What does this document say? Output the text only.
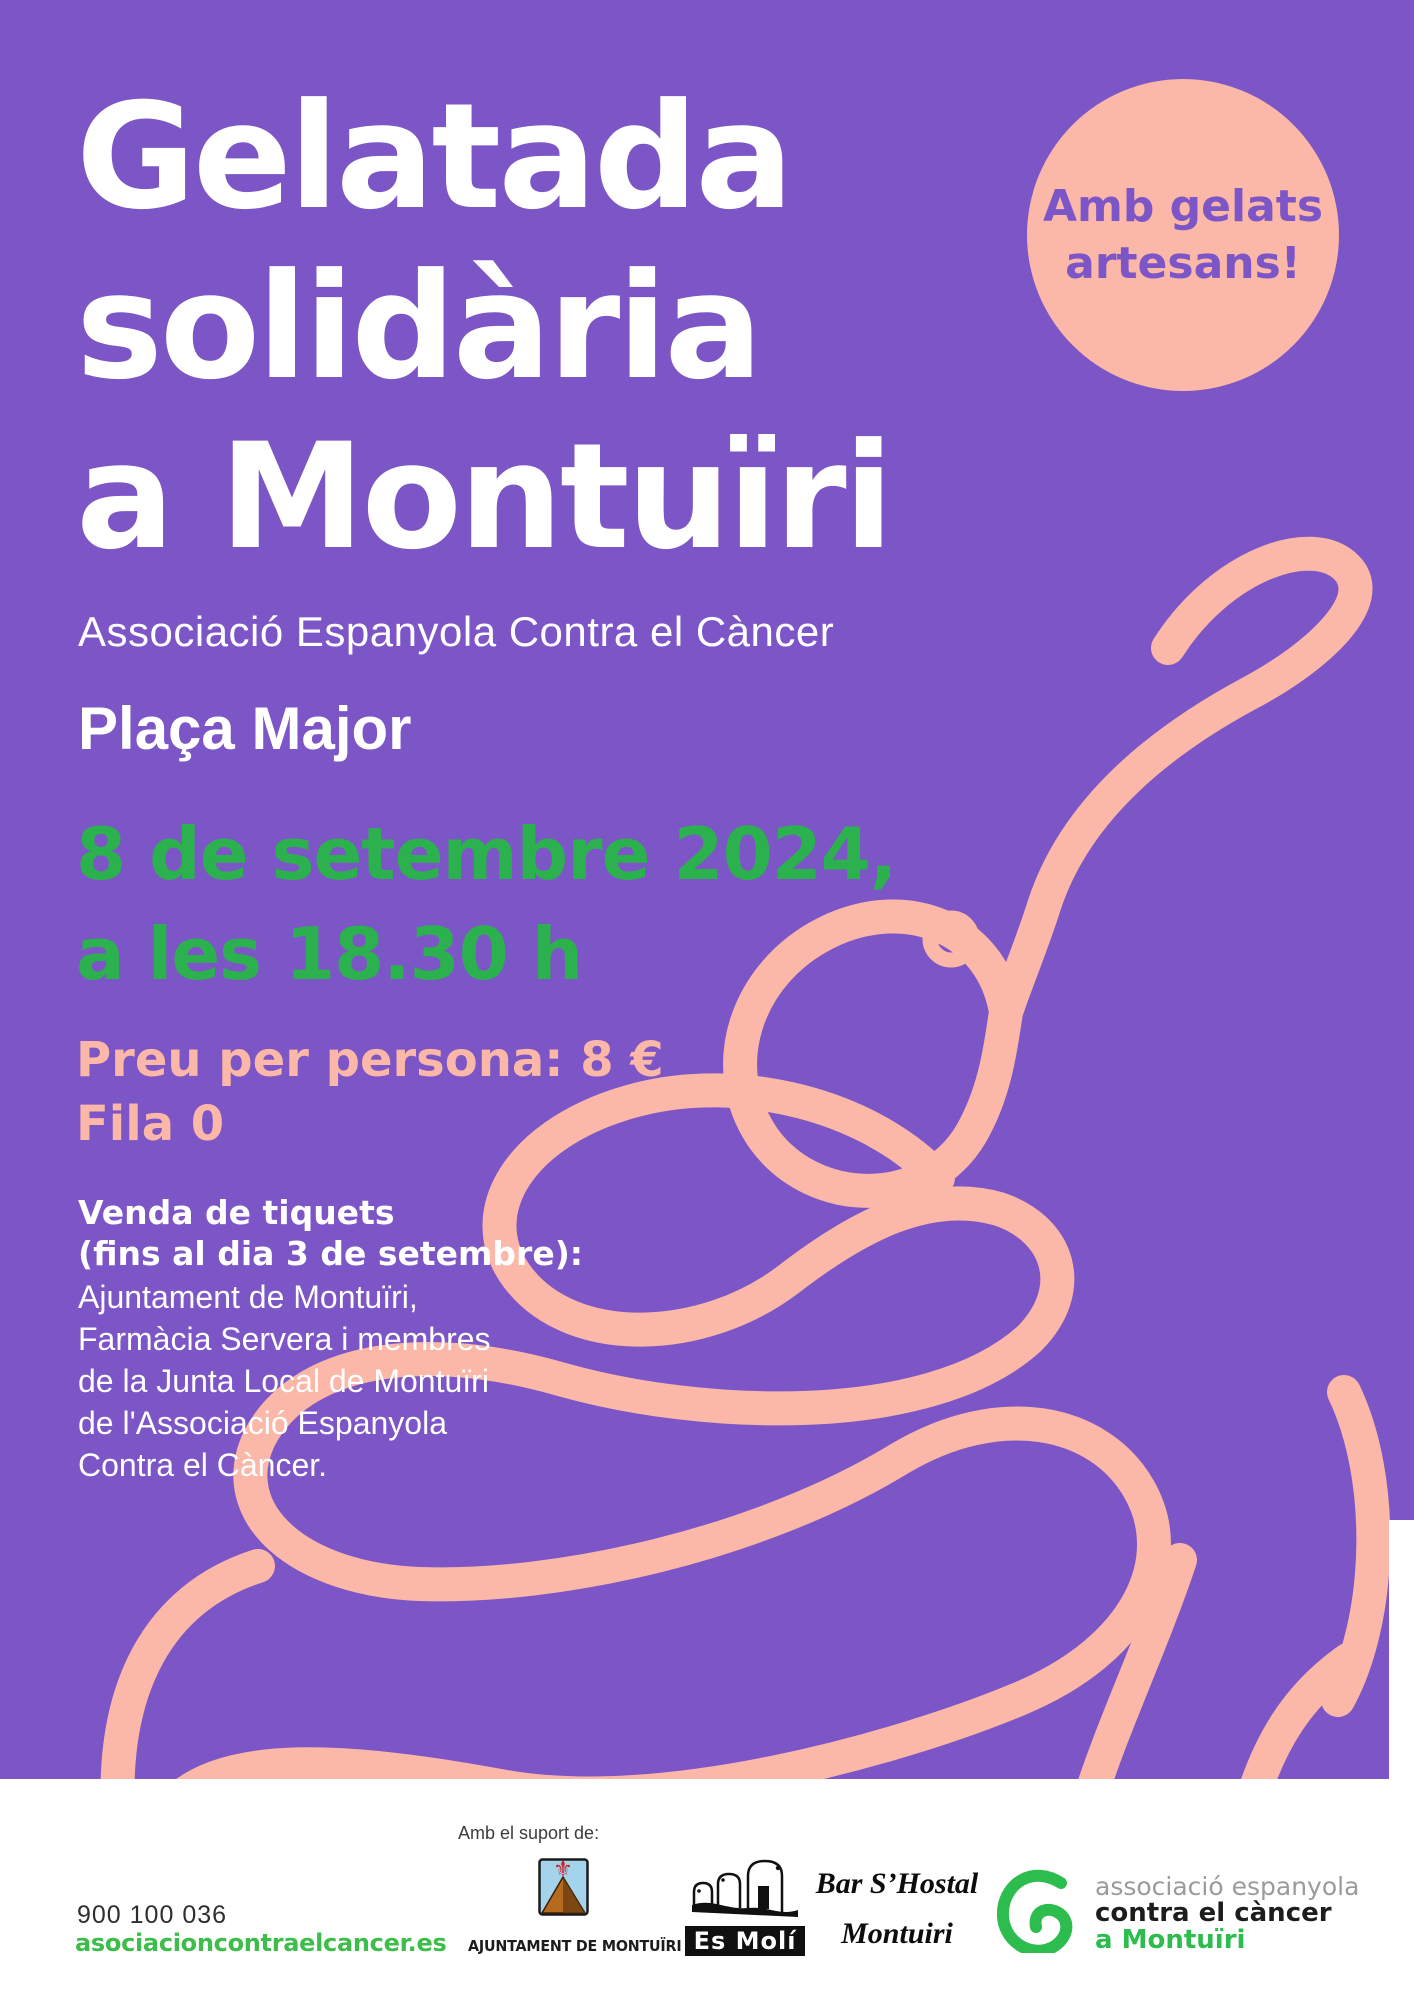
Amb gelats
artesans!
Gelatada
solidària
a Montuïri
Associació Espanyola Contra el Càncer
Plaça Major
8 de setembre 2024,
a les 18.30 h
Preu per persona: 8 €
Fila 0
Venda de tiquets
(fins al dia 3 de setembre):
Ajuntament de Montuïri,
Farmàcia Servera i membres
de la Junta Local de Montuïri
de l'Associació Espanyola
Contra el Càncer.
900 100 036
asociacioncontraelcancer.es
Amb el suport de:
⚜
AJUNTAMENT DE MONTUÏRI Es Molí
Bar S’Hostal
Montuiri
associació espanyola
contra el càncer
a Montuïri
